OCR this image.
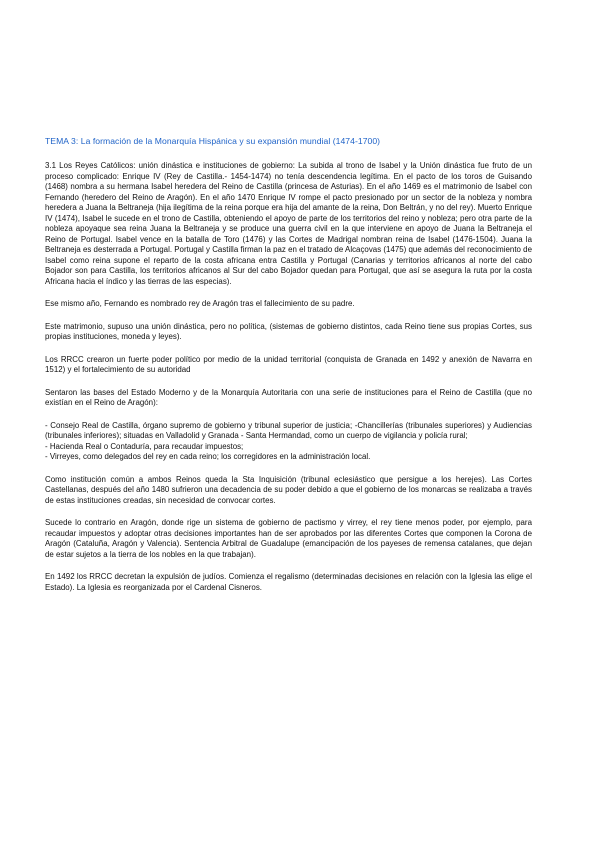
TEMA 3: La formación de la Monarquía Hispánica y su expansión mundial (1474-1700)

3.1 Los Reyes Católicos: unión dinástica e instituciones de gobierno: La subida al trono de Isabel y la Unión dinástica fue fruto de un proceso complicado: Enrique IV (Rey de Castilla.- 1454-1474) no tenía descendencia legítima. En el pacto de los toros de Guisando (1468) nombra a su hermana Isabel heredera del Reino de Castilla (princesa de Asturias). En el año 1469 es el matrimonio de Isabel con Fernando (heredero del Reino de Aragón). En el año 1470 Enrique IV rompe el pacto presionado por un sector de la nobleza y nombra heredera a Juana la Beltraneja (hija ilegítima de la reina porque era hija del amante de la reina, Don Beltrán, y no del rey). Muerto Enrique IV (1474), Isabel le sucede en el trono de Castilla, obteniendo el apoyo de parte de los territorios del reino y nobleza; pero otra parte de la nobleza apoyaque sea reina Juana la Beltraneja y se produce una guerra civil en la que interviene en apoyo de Juana la Beltraneja el Reino de Portugal. Isabel vence en la batalla de Toro (1476) y las Cortes de Madrigal nombran reina de Isabel (1476-1504). Juana la Beltraneja es desterrada a Portugal. Portugal y Castilla firman la paz en el tratado de Alcaçovas (1475) que además del reconocimiento de Isabel como reina supone el reparto de la costa africana entra Castilla y Portugal (Canarias y territorios africanos al norte del cabo Bojador son para Castilla, los territorios africanos al Sur del cabo Bojador quedan para Portugal, que así se asegura la ruta por la costa Africana hacia el índico y las tierras de las especias).

Ese mismo año, Fernando es nombrado rey de Aragón tras el fallecimiento de su padre.

Este matrimonio, supuso una unión dinástica, pero no política, (sistemas de gobierno distintos, cada Reino tiene sus propias Cortes, sus propias instituciones, moneda y leyes).

Los RRCC crearon un fuerte poder político por medio de la unidad territorial (conquista de Granada en 1492 y anexión de Navarra en 1512) y el fortalecimiento de su autoridad

Sentaron las bases del Estado Moderno y de la Monarquía Autoritaria con una serie de instituciones para el Reino de Castilla (que no existían en el Reino de Aragón):

- Consejo Real de Castilla, órgano supremo de gobierno y tribunal superior de justicia; -Chancillerías (tribunales superiores) y Audiencias (tribunales inferiores); situadas en Valladolid y Granada - Santa Hermandad, como un cuerpo de vigilancia y policía rural;

- Hacienda Real o Contaduría, para recaudar impuestos;

- Virreyes, como delegados del rey en cada reino; los corregidores en la administración local.

Como institución común a ambos Reinos queda la Sta Inquisición (tribunal eclesiástico que persigue a los herejes). Las Cortes Castellanas, después del año 1480 sufrieron una decadencia de su poder debido a que el gobierno de los monarcas se realizaba a través de estas instituciones creadas, sin necesidad de convocar cortes.

Sucede lo contrario en Aragón, donde rige un sistema de gobierno de pactismo y virrey, el rey tiene menos poder, por ejemplo, para recaudar impuestos y adoptar otras decisiones importantes han de ser aprobados por las diferentes Cortes que componen la Corona de Aragón (Cataluña, Aragón y Valencia). Sentencia Arbitral de Guadalupe (emancipación de los payeses de remensa catalanes, que dejan de estar sujetos a la tierra de los nobles en la que trabajan).

En 1492 los RRCC decretan la expulsión de judíos. Comienza el regalismo (determinadas decisiones en relación con la Iglesia las elige el Estado). La Iglesia es reorganizada por el Cardenal Cisneros.
